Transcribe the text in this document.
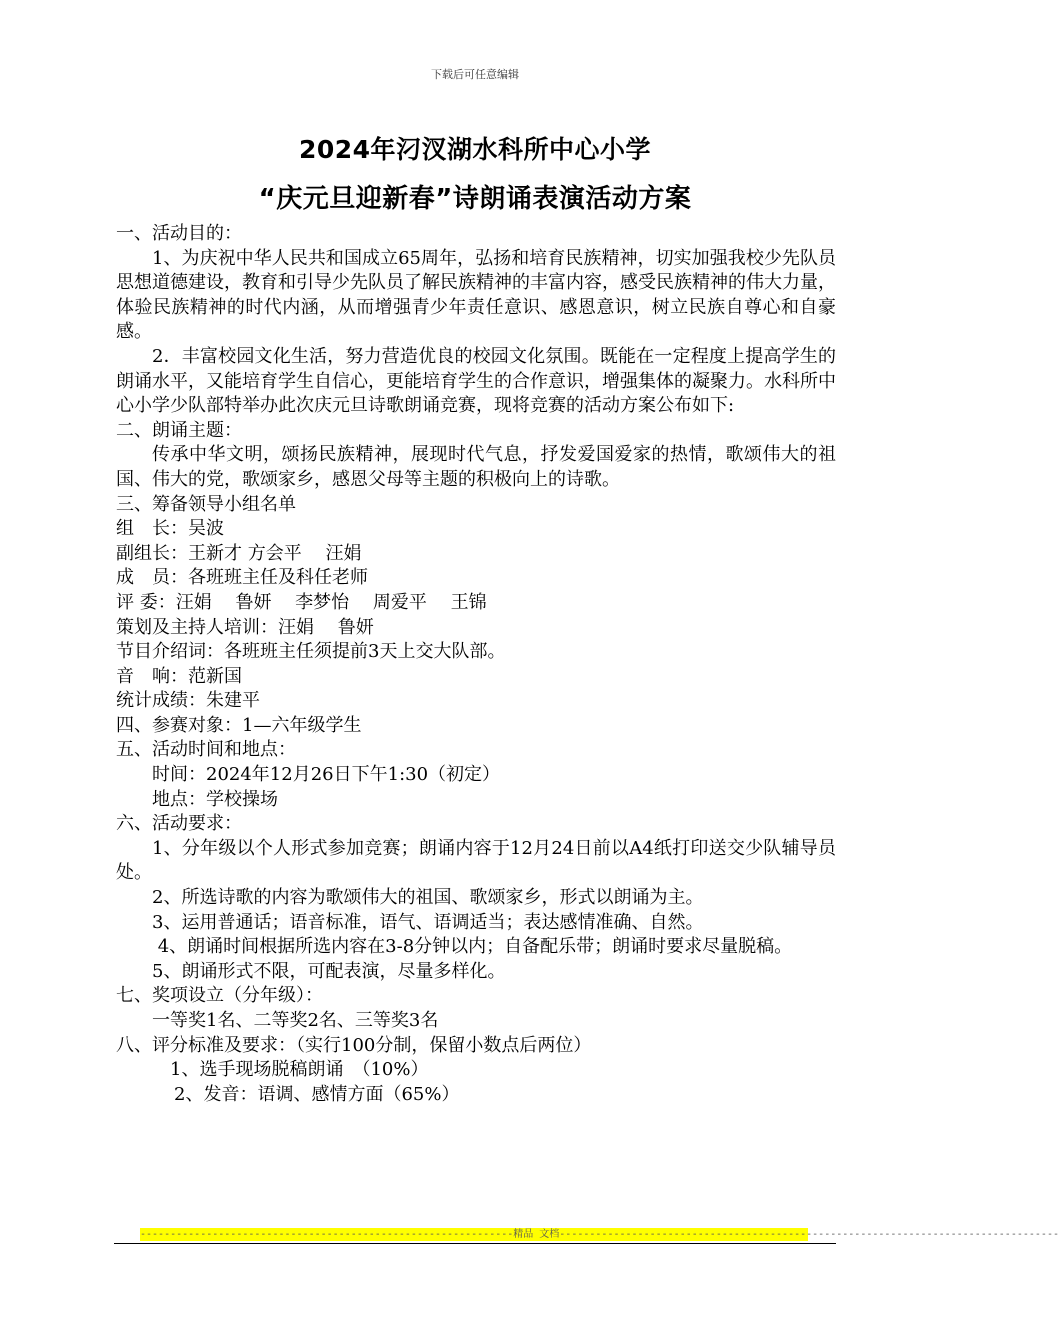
下载后可任意编辑
2024年汈汊湖水科所中心小学
“庆元旦迎新春”诗朗诵表演活动方案

一、活动目的：

1、为庆祝中华人民共和国成立65周年，弘扬和培育民族精神，切实加强我校少先队员思想道德建设，教育和引导少先队员了解民族精神的丰富内容，感受民族精神的伟大力量，体验民族精神的时代内涵，从而增强青少年责任意识、感恩意识，树立民族自尊心和自豪感。

2．丰富校园文化生活，努力营造优良的校园文化氛围。既能在一定程度上提高学生的朗诵水平，又能培育学生自信心，更能培育学生的合作意识，增强集体的凝聚力。水科所中心小学少队部特举办此次庆元旦诗歌朗诵竞赛，现将竞赛的活动方案公布如下:

二、朗诵主题：

传承中华文明，颂扬民族精神，展现时代气息，抒发爱国爱家的热情，歌颂伟大的祖国、伟大的党，歌颂家乡，感恩父母等主题的积极向上的诗歌。

三、筹备领导小组名单

组　长：吴波

副组长：王新才 方会平　 汪娟

成　员：各班班主任及科任老师

评 委：汪娟　 鲁妍　 李梦怡　 周爱平　 王锦

策划及主持人培训：汪娟　 鲁妍

节目介绍词：各班班主任须提前3天上交大队部。

音　响：范新国

统计成绩：朱建平

四、参赛对象：1—六年级学生

五、活动时间和地点：

时间：2024年12月26日下午1:30（初定）

地点：学校操场

六、活动要求：

1、分年级以个人形式参加竞赛；朗诵内容于12月24日前以A4纸打印送交少队辅导员处。

2、所选诗歌的内容为歌颂伟大的祖国、歌颂家乡，形式以朗诵为主。

3、运用普通话；语音标准，语气、语调适当；表达感情准确、自然。

4、朗诵时间根据所选内容在3-8分钟以内；自备配乐带；朗诵时要求尽量脱稿。

5、朗诵形式不限，可配表演，尽量多样化。

七、奖项设立（分年级）：

一等奖1名、二等奖2名、三等奖3名

八、评分标准及要求：（实行100分制，保留小数点后两位）

1、选手现场脱稿朗诵　（10%）

2、发音：语调、感情方面（65%）

--------------------------------------------------------------精品 文档-----------------------------------------------------------------------------------
